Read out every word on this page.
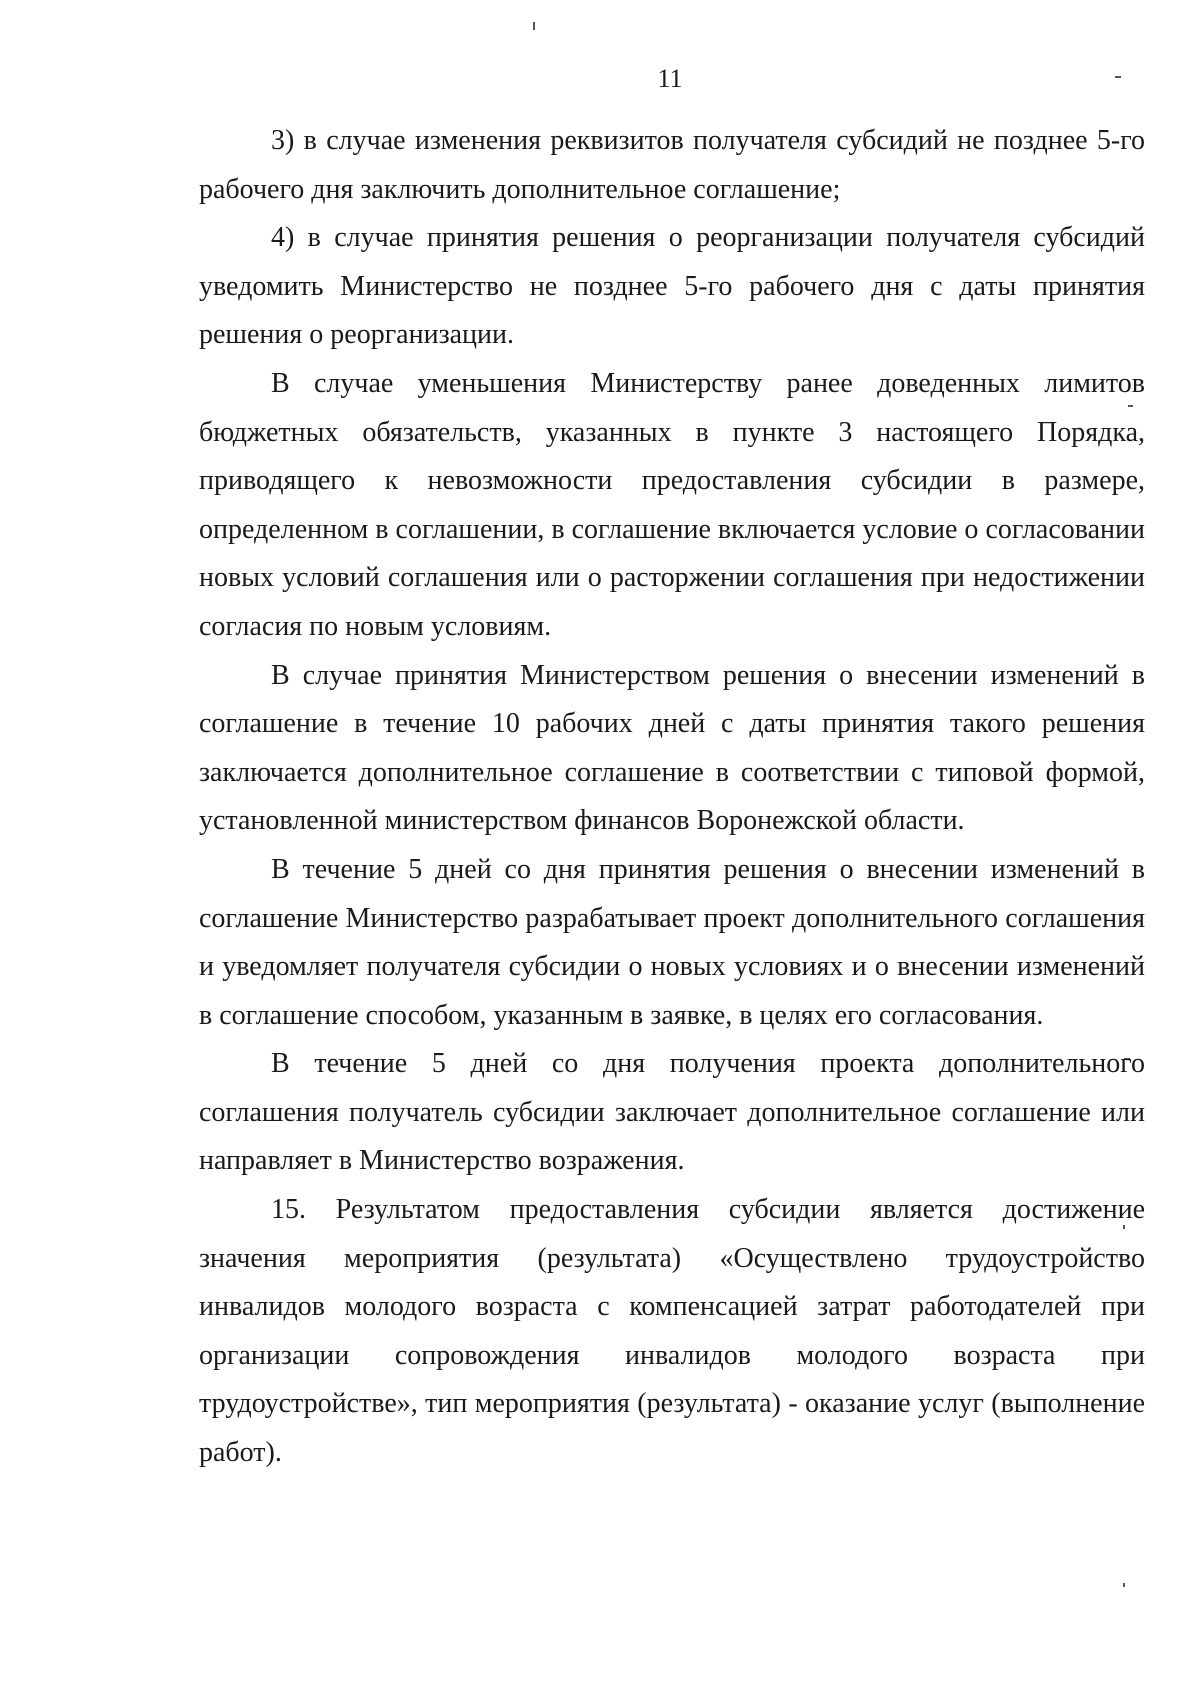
11

3) в случае изменения реквизитов получателя субсидий не позднее 5-го рабочего дня заключить дополнительное соглашение;

4) в случае принятия решения о реорганизации получателя субсидий уведомить Министерство не позднее 5-го рабочего дня с даты принятия решения о реорганизации.

В случае уменьшения Министерству ранее доведенных лимитов бюджетных обязательств, указанных в пункте 3 настоящего Порядка, приводящего к невозможности предоставления субсидии в размере, определенном в соглашении, в соглашение включается условие о согласовании новых условий соглашения или о расторжении соглашения при недостижении согласия по новым условиям.

В случае принятия Министерством решения о внесении изменений в соглашение в течение 10 рабочих дней с даты принятия такого решения заключается дополнительное соглашение в соответствии с типовой формой, установленной министерством финансов Воронежской области.

В течение 5 дней со дня принятия решения о внесении изменений в соглашение Министерство разрабатывает проект дополнительного соглашения и уведомляет получателя субсидии о новых условиях и о внесении изменений в соглашение способом, указанным в заявке, в целях его согласования.

В течение 5 дней со дня получения проекта дополнительного соглашения получатель субсидии заключает дополнительное соглашение или направляет в Министерство возражения.

15. Результатом предоставления субсидии является достижение значения мероприятия (результата) «Осуществлено трудоустройство инвалидов молодого возраста с компенсацией затрат работодателей при организации сопровождения инвалидов молодого возраста при трудоустройстве», тип мероприятия (результата) - оказание услуг (выполнение работ).
